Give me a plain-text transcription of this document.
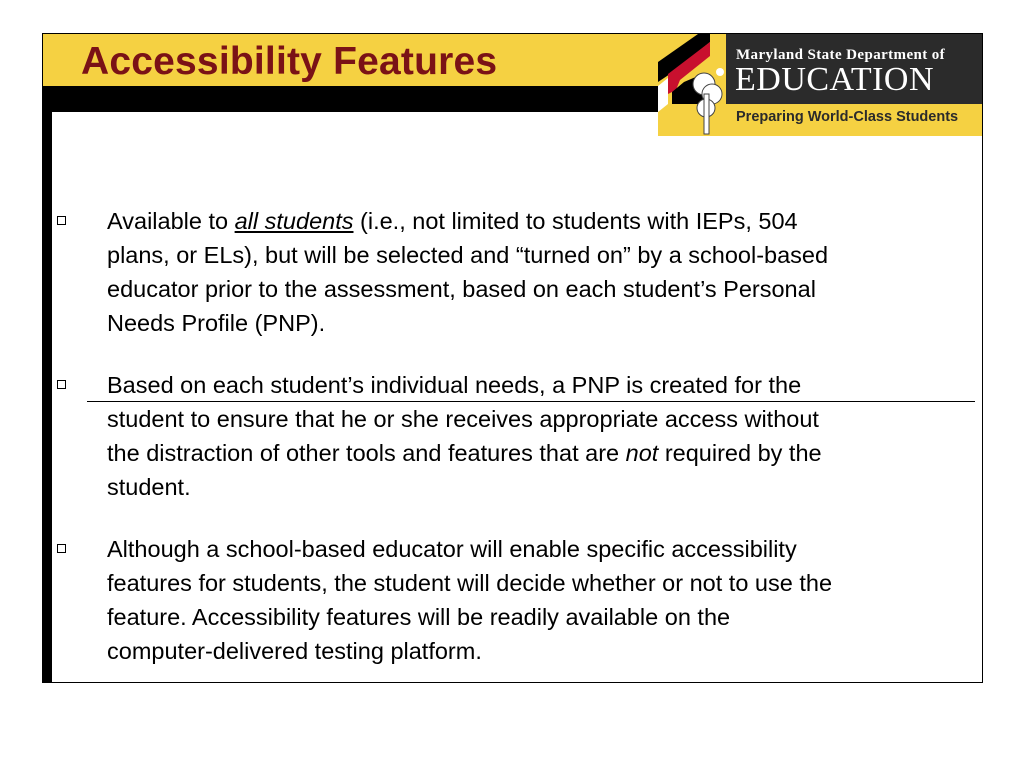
Accessibility Features	Maryland State Department of
EDUCATION
Preparing World-Class Students
Available to all students (i.e., not limited to students with IEPs, 504
plans, or ELs), but will be selected and “turned on” by a school-based
educator prior to the assessment, based on each student’s Personal
Needs Profile (PNP).
Based on each student’s individual needs, a PNP is created for the
student to ensure that he or she receives appropriate access without
the distraction of other tools and features that are not required by the
student.
Although a school-based educator will enable specific accessibility
features for students, the student will decide whether or not to use the
feature. Accessibility features will be readily available on the
computer-delivered testing platform.
